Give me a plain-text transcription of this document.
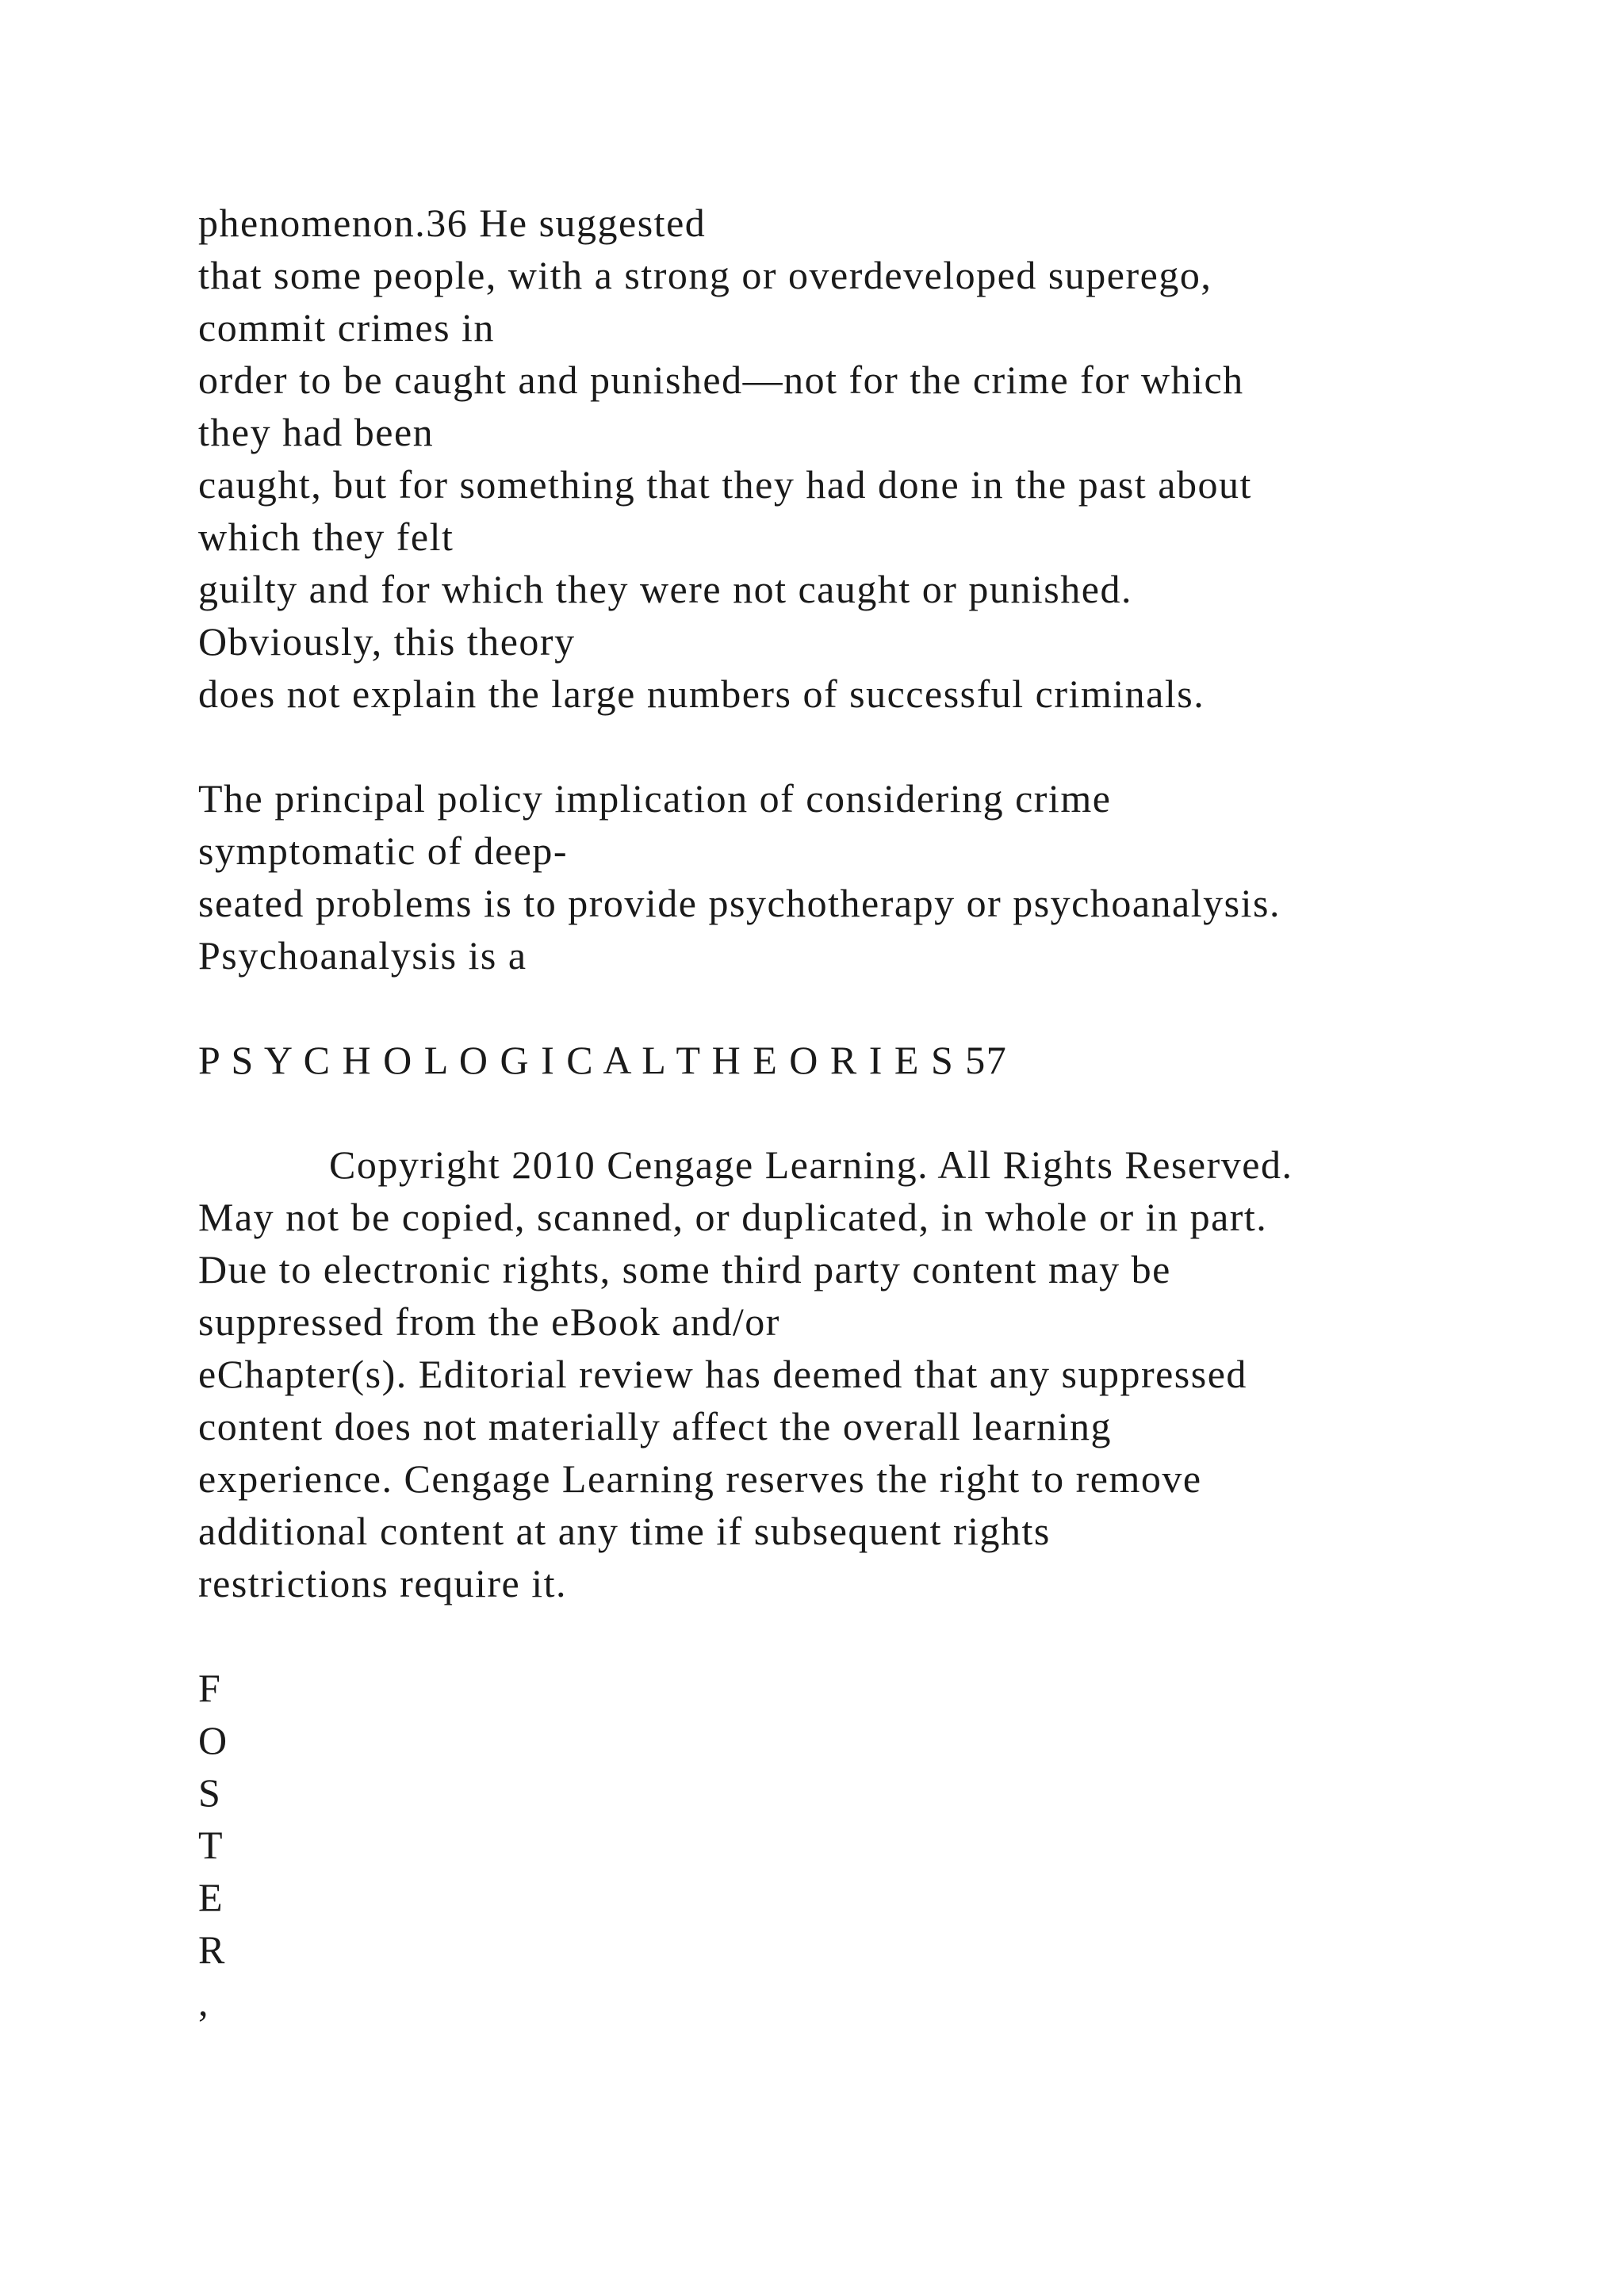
phenomenon.36 He suggested
that some people, with a strong or overdeveloped superego,
commit crimes in
order to be caught and punished—not for the crime for which
they had been
caught, but for something that they had done in the past about
which they felt
guilty and for which they were not caught or punished.
Obviously, this theory
does not explain the large numbers of successful criminals.
The principal policy implication of considering crime
symptomatic of deep-
seated problems is to provide psychotherapy or psychoanalysis.
Psychoanalysis is a
P S Y C H O L O G I C A L T H E O R I E S 57
Copyright 2010 Cengage Learning. All Rights Reserved.
May not be copied, scanned, or duplicated, in whole or in part.
Due to electronic rights, some third party content may be
suppressed from the eBook and/or
eChapter(s). Editorial review has deemed that any suppressed
content does not materially affect the overall learning
experience. Cengage Learning reserves the right to remove
additional content at any time if subsequent rights
restrictions require it.
F
O
S
T
E
R
,
